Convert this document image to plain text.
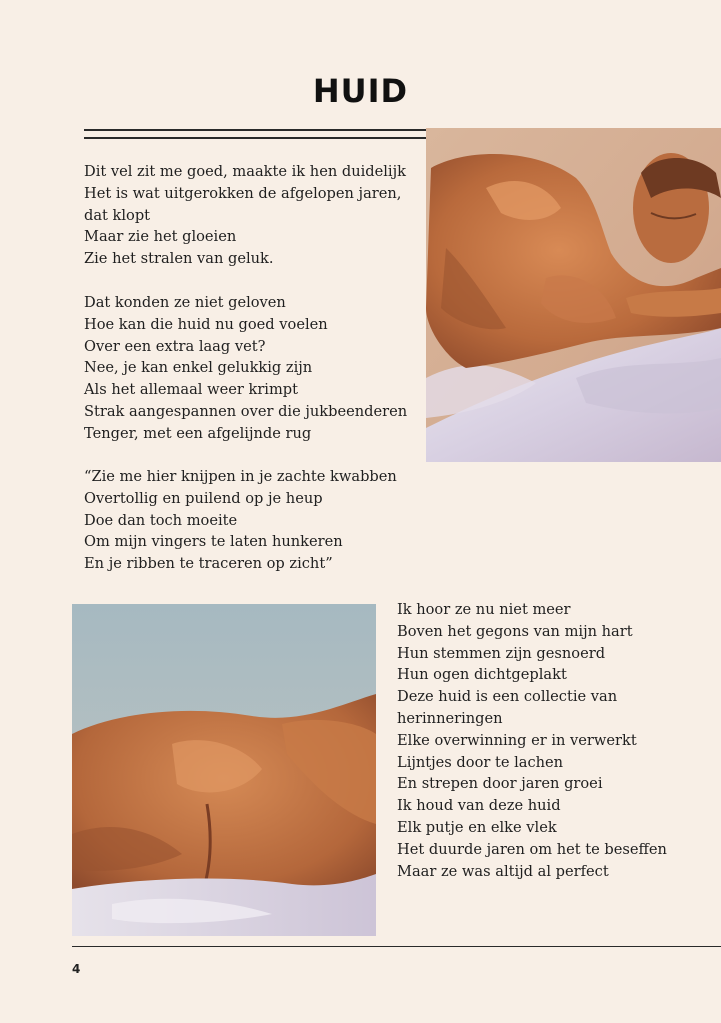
HUID
Dit vel zit me goed, maakte ik hen duidelijk
Het is wat uitgerokken de afgelopen jaren,
dat klopt
Maar zie het gloeien
Zie het stralen van geluk.
Dat konden ze niet geloven
Hoe kan die huid nu goed voelen
Over een extra laag vet?
Nee, je kan enkel gelukkig zijn
Als het allemaal weer krimpt
Strak aangespannen over die jukbeenderen
Tenger, met een afgelijnde rug
“Zie me hier knijpen in je zachte kwabben
Overtollig en puilend op je heup
Doe dan toch moeite
Om mijn vingers te laten hunkeren
En je ribben te traceren op zicht”
Ik hoor ze nu niet meer
Boven het gegons van mijn hart
Hun stemmen zijn gesnoerd
Hun ogen dichtgeplakt
Deze huid is een collectie van
herinneringen
Elke overwinning er in verwerkt
Lijntjes door te lachen
En strepen door jaren groei
Ik houd van deze huid
Elk putje en elke vlek
Het duurde jaren om het te beseffen
Maar ze was altijd al perfect
4
